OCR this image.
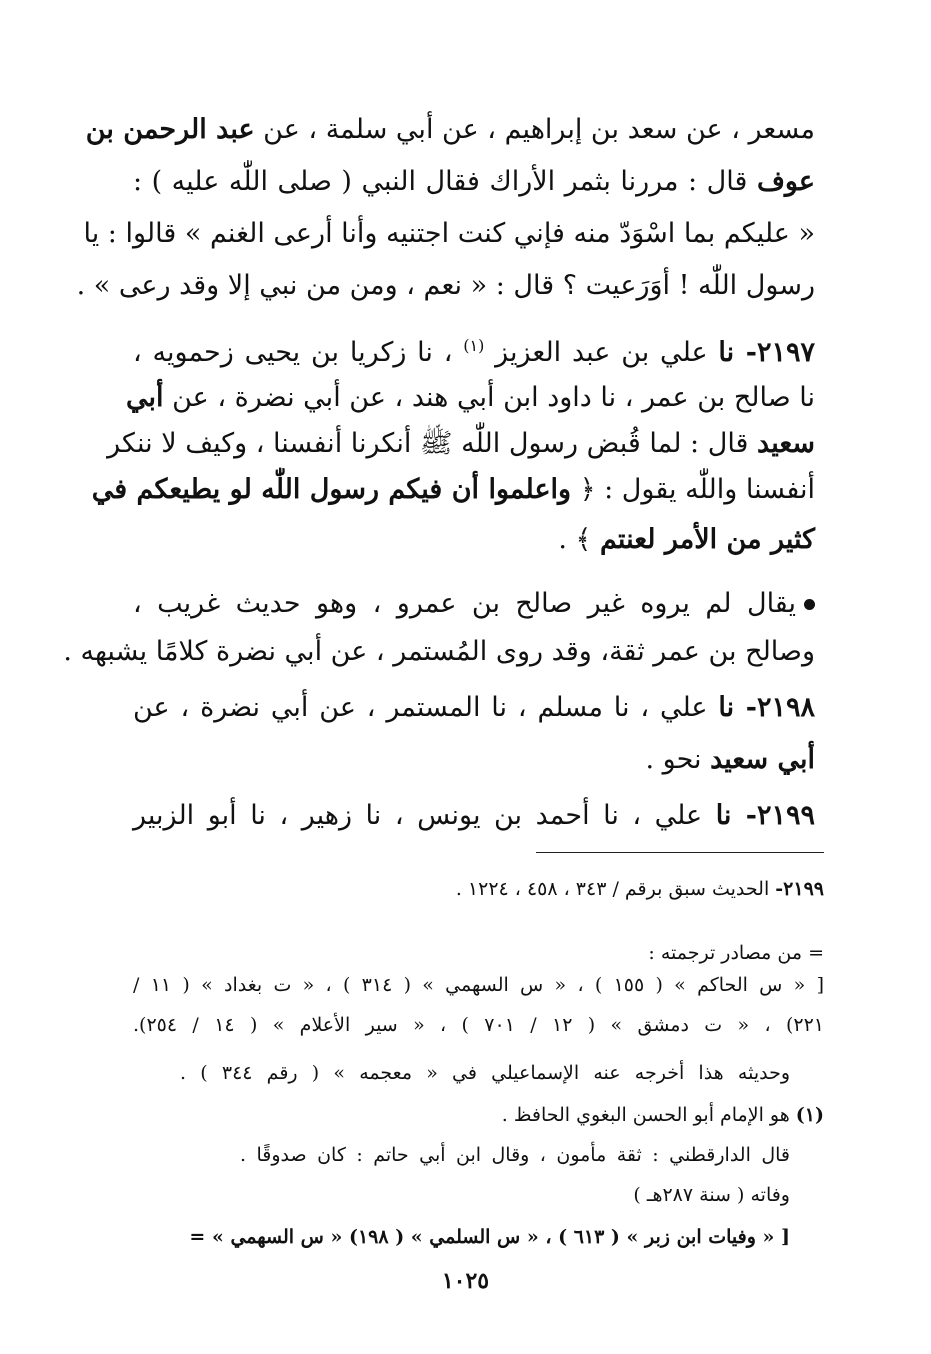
مسعر ، عن سعد بن إبراهيم ، عن أبي سلمة ، عن عبد الرحمن بن
عوف قال : مررنا بثمر الأراك فقال النبي ( صلى اللّٰه عليه ) :
« عليكم بما اسْوَدّ منه فإني كنت اجتنيه وأنا أرعى الغنم » قالوا : يا
رسول اللّٰه ! أوَرَعيت ؟ قال : « نعم ، ومن من نبي إلا وقد رعى » .
٢١٩٧- نا علي بن عبد العزيز $^{(١)}$ ، نا زكريا بن يحيى زحمويه ،
نا صالح بن عمر ، نا داود ابن أبي هند ، عن أبي نضرة ، عن أبي
سعيد قال : لما قُبض رسول اللّٰه ﷺ أنكرنا أنفسنا ، وكيف لا ننكر
أنفسنا واللّٰه يقول : ﴿ واعلموا أن فيكم رسول اللّٰه لو يطيعكم في
كثير من الأمر لعنتم ﴾ .
يقال لم يروه غير صالح بن عمرو ، وهو حديث غريب ،
وصالح بن عمر ثقة، وقد روى المُستمر ، عن أبي نضرة كلامًا يشبهه .
٢١٩٨- نا علي ، نا مسلم ، نا المستمر ، عن أبي نضرة ، عن
أبي سعيد نحو .
٢١٩٩- نا علي ، نا أحمد بن يونس ، نا زهير ، نا أبو الزبير
٢١٩٩- الحديث سبق برقم / ٣٤٣ ، ٤٥٨ ، ١٢٢٤ .
= من مصادر ترجمته :
[ « س الحاكم » ( ١٥٥ ) ، « س السهمي » ( ٣١٤ ) ، « ت بغداد » ( ١١ /
٢٢١) ، « ت دمشق » ( ١٢ / ٧٠١ ) ، « سير الأعلام » ( ١٤ / ٢٥٤).
وحديثه هذا أخرجه عنه الإسماعيلي في « معجمه » ( رقم ٣٤٤ ) .
(١) هو الإمام أبو الحسن البغوي الحافظ .
قال الدارقطني : ثقة مأمون ، وقال ابن أبي حاتم : كان صدوقًا .
وفاته ( سنة ٢٨٧هـ )
[ « وفيات ابن زبر » ( ٦١٣ ) ، « س السلمي » ( ١٩٨) « س السهمي » =
١٠٢٥
